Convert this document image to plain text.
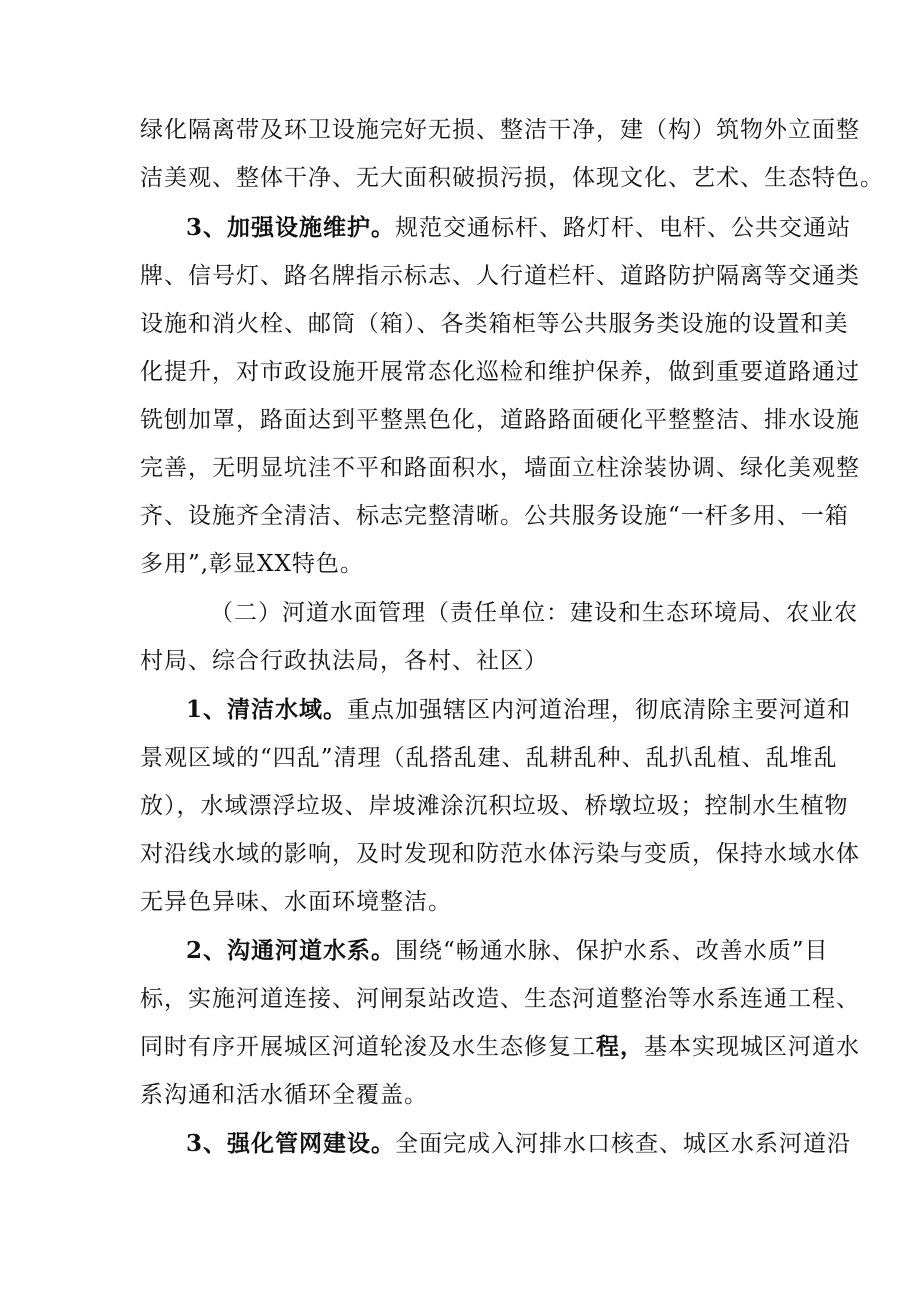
绿化隔离带及环卫设施完好无损、整洁干净，建（构）筑物外立面整
洁美观、整体干净、无大面积破损污损，体现文化、艺术、生态特色。
3、加强设施维护。规范交通标杆、路灯杆、电杆、公共交通站
牌、信号灯、路名牌指示标志、人行道栏杆、道路防护隔离等交通类
设施和消火栓、邮筒（箱）、各类箱柜等公共服务类设施的设置和美
化提升，对市政设施开展常态化巡检和维护保养，做到重要道路通过
铣刨加罩，路面达到平整黑色化，道路路面硬化平整整洁、排水设施
完善，无明显坑洼不平和路面积水，墙面立柱涂装协调、绿化美观整
齐、设施齐全清洁、标志完整清晰。公共服务设施“一杆多用、一箱
多用”,彰显XX特色。
（二）河道水面管理（责任单位：建设和生态环境局、农业农
村局、综合行政执法局，各村、社区）
1、清洁水域。重点加强辖区内河道治理，彻底清除主要河道和
景观区域的“四乱”清理（乱搭乱建、乱耕乱种、乱扒乱植、乱堆乱
放），水域漂浮垃圾、岸坡滩涂沉积垃圾、桥墩垃圾；控制水生植物
对沿线水域的影响，及时发现和防范水体污染与变质，保持水域水体
无异色异味、水面环境整洁。
2、沟通河道水系。围绕“畅通水脉、保护水系、改善水质”目
标，实施河道连接、河闸泵站改造、生态河道整治等水系连通工程、
同时有序开展城区河道轮浚及水生态修复工程，基本实现城区河道水
系沟通和活水循环全覆盖。
3、强化管网建设。全面完成入河排水口核查、城区水系河道沿
